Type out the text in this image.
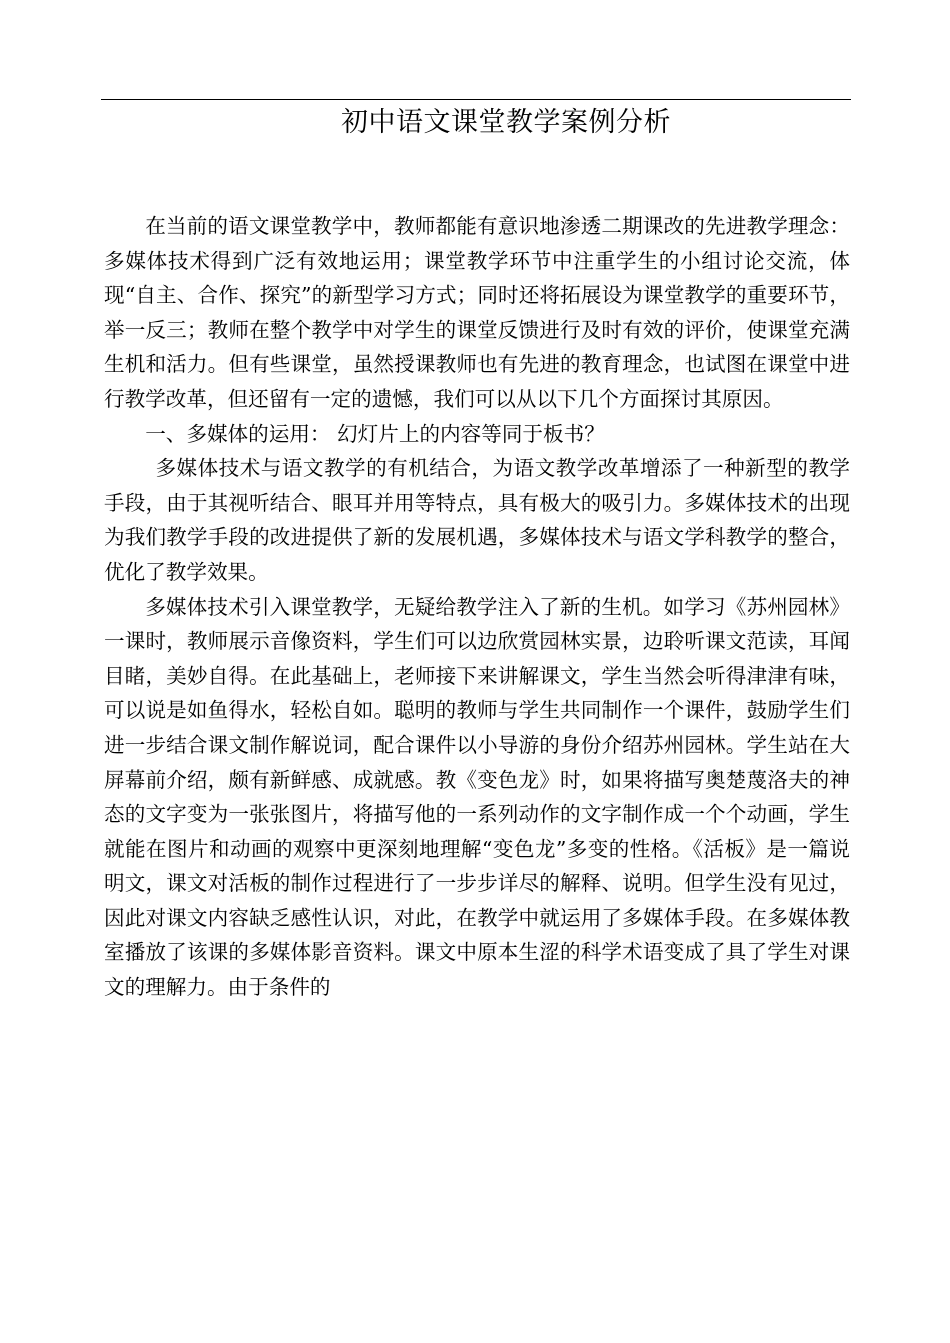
初中语文课堂教学案例分析

在当前的语文课堂教学中，教师都能有意识地渗透二期课改的先进教学理念：多媒体技术得到广泛有效地运用；课堂教学环节中注重学生的小组讨论交流，体现“自主、合作、探究”的新型学习方式；同时还将拓展设为课堂教学的重要环节，举一反三；教师在整个教学中对学生的课堂反馈进行及时有效的评价，使课堂充满生机和活力。但有些课堂，虽然授课教师也有先进的教育理念，也试图在课堂中进行教学改革，但还留有一定的遗憾，我们可以从以下几个方面探讨其原因。

一、多媒体的运用： 幻灯片上的内容等同于板书？

多媒体技术与语文教学的有机结合，为语文教学改革增添了一种新型的教学手段，由于其视听结合、眼耳并用等特点，具有极大的吸引力。多媒体技术的出现为我们教学手段的改进提供了新的发展机遇，多媒体技术与语文学科教学的整合，优化了教学效果。

多媒体技术引入课堂教学，无疑给教学注入了新的生机。如学习《苏州园林》一课时，教师展示音像资料，学生们可以边欣赏园林实景，边聆听课文范读，耳闻目睹，美妙自得。在此基础上，老师接下来讲解课文，学生当然会听得津津有味，可以说是如鱼得水，轻松自如。聪明的教师与学生共同制作一个课件，鼓励学生们进一步结合课文制作解说词，配合课件以小导游的身份介绍苏州园林。学生站在大屏幕前介绍，颇有新鲜感、成就感。教《变色龙》时，如果将描写奥楚蔑洛夫的神态的文字变为一张张图片，将描写他的一系列动作的文字制作成一个个动画，学生就能在图片和动画的观察中更深刻地理解“变色龙”多变的性格。《活板》是一篇说明文，课文对活板的制作过程进行了一步步详尽的解释、说明。但学生没有见过，因此对课文内容缺乏感性认识，对此，在教学中就运用了多媒体手段。在多媒体教室播放了该课的多媒体影音资料。课文中原本生涩的科学术语变成了具了学生对课文的理解力。由于条件的
